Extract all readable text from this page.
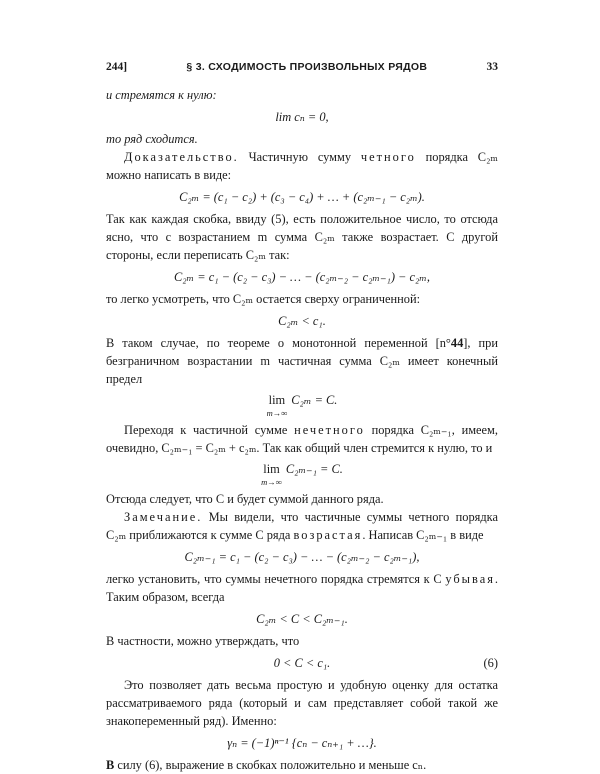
244]	§ 3. СХОДИМОСТЬ ПРОИЗВОЛЬНЫХ РЯДОВ	33

и стремятся к нулю:

lim cₙ = 0,

то ряд сходится.

Доказательство. Частичную сумму четного порядка C₂ₘ можно написать в виде:

C₂ₘ = (c₁ − c₂) + (c₃ − c₄) + … + (c₂ₘ₋₁ − c₂ₘ).

Так как каждая скобка, ввиду (5), есть положительное число, то отсюда ясно, что с возрастанием m сумма C₂ₘ также возрастает. С другой стороны, если переписать C₂ₘ так:

C₂ₘ = c₁ − (c₂ − c₃) − … − (c₂ₘ₋₂ − c₂ₘ₋₁) − c₂ₘ,

то легко усмотреть, что C₂ₘ остается сверху ограниченной:

C₂ₘ < c₁.

В таком случае, по теореме о монотонной переменной [n°44], при безграничном возрастании m частичная сумма C₂ₘ имеет конечный предел

lim
m→∞
C₂ₘ = C.

Переходя к частичной сумме нечетного порядка C₂ₘ₋₁, имеем, очевидно, C₂ₘ₋₁ = C₂ₘ + c₂ₘ. Так как общий член стремится к нулю, то и

lim
m→∞
C₂ₘ₋₁ = C.

Отсюда следует, что C и будет суммой данного ряда.

Замечание. Мы видели, что частичные суммы четного порядка C₂ₘ приближаются к сумме C ряда возрастая. Написав C₂ₘ₋₁ в виде

C₂ₘ₋₁ = c₁ − (c₂ − c₃) − … − (c₂ₘ₋₂ − c₂ₘ₋₁),

легко установить, что суммы нечетного порядка стремятся к C убывая. Таким образом, всегда

C₂ₘ < C < C₂ₘ₋₁.

В частности, можно утверждать, что

0 < C < c₁.	(6)

Это позволяет дать весьма простую и удобную оценку для остатка рассматриваемого ряда (который и сам представляет собой такой же знакопеременный ряд). Именно:

γₙ = (−1)ⁿ⁻¹ {cₙ − cₙ₊₁ + …}.

В силу (6), выражение в скобках положительно и меньше cₙ.
